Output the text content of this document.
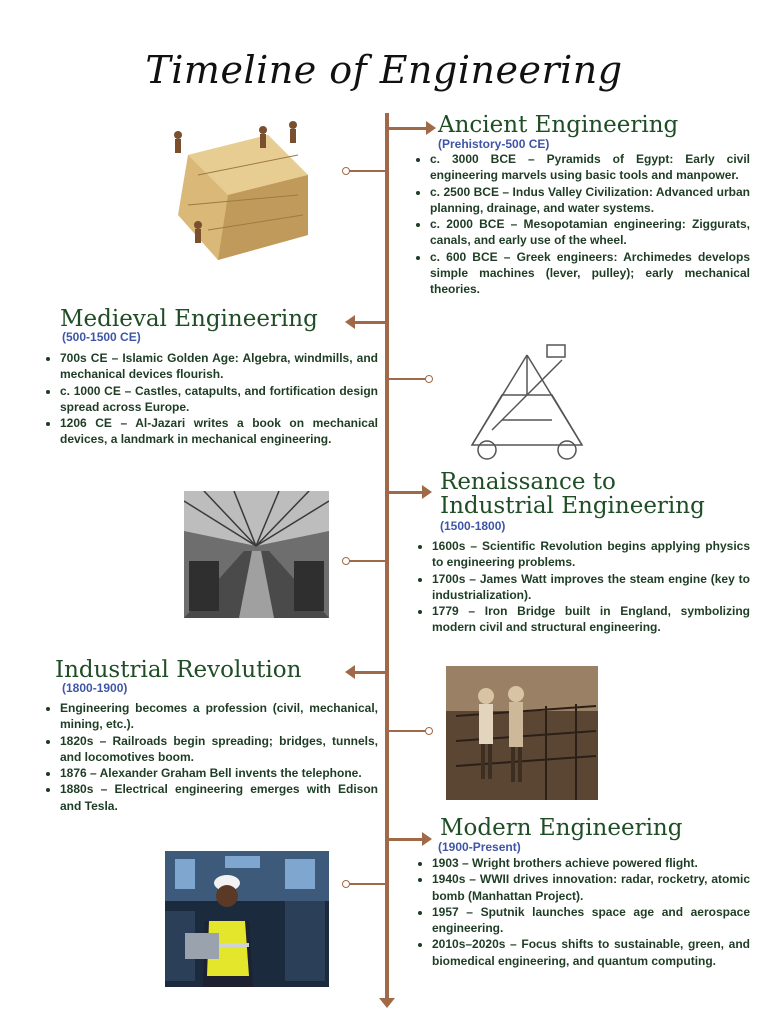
Timeline of Engineering
Ancient Engineering
(Prehistory-500 CE)
• c. 3000 BCE – Pyramids of Egypt: Early civil engineering marvels using basic tools and manpower.
• c. 2500 BCE – Indus Valley Civilization: Advanced urban planning, drainage, and water systems.
• c. 2000 BCE – Mesopotamian engineering: Ziggurats, canals, and early use of the wheel.
• c. 600 BCE – Greek engineers: Archimedes develops simple machines (lever, pulley); early mechanical theories.
Medieval Engineering
(500-1500 CE)
• 700s CE – Islamic Golden Age: Algebra, windmills, and mechanical devices flourish.
• c. 1000 CE – Castles, catapults, and fortification design spread across Europe.
• 1206 CE – Al-Jazari writes a book on mechanical devices, a landmark in mechanical engineering.
Renaissance to
Industrial Engineering
(1500-1800)
• 1600s – Scientific Revolution begins applying physics to engineering problems.
• 1700s – James Watt improves the steam engine (key to industrialization).
• 1779 – Iron Bridge built in England, symbolizing modern civil and structural engineering.
Industrial Revolution
(1800-1900)
• Engineering becomes a profession (civil, mechanical, mining, etc.).
• 1820s – Railroads begin spreading; bridges, tunnels, and locomotives boom.
• 1876 – Alexander Graham Bell invents the telephone.
• 1880s – Electrical engineering emerges with Edison and Tesla.
Modern Engineering
(1900-Present)
• 1903 – Wright brothers achieve powered flight.
• 1940s – WWII drives innovation: radar, rocketry, atomic bomb (Manhattan Project).
• 1957 – Sputnik launches space age and aerospace engineering.
• 2010s–2020s – Focus shifts to sustainable, green, and biomedical engineering, and quantum computing.
